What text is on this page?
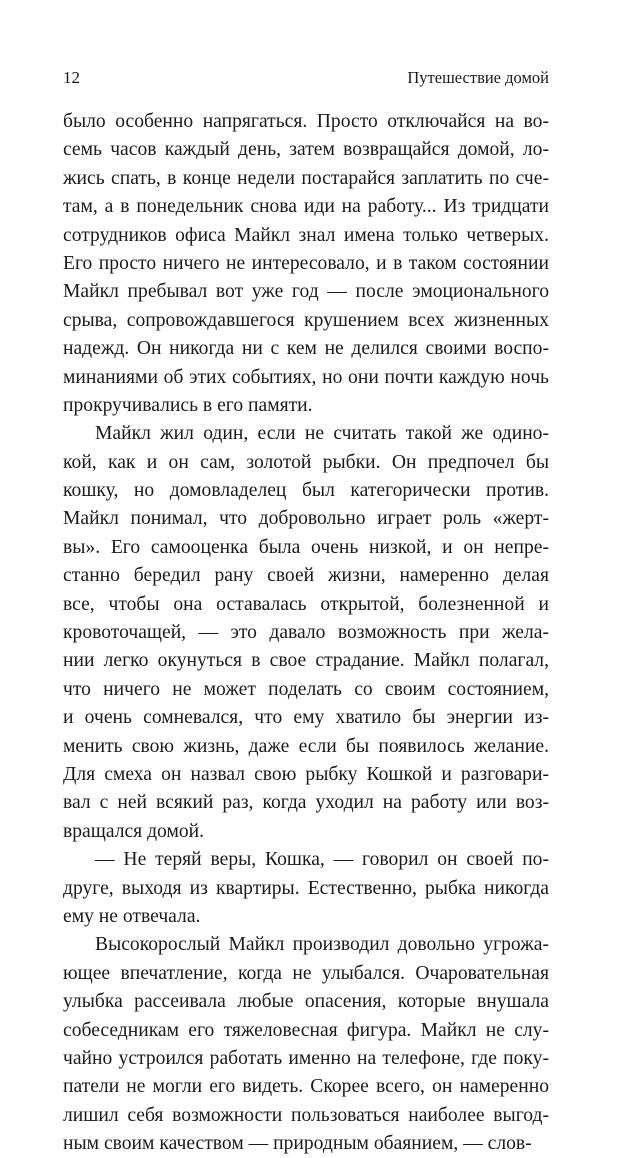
12	Путешествие домой
было особенно напрягаться. Просто отключайся на во-
семь часов каждый день, затем возвращайся домой, ло-
жись спать, в конце недели постарайся заплатить по сче-
там, а в понедельник снова иди на работу... Из тридцати
сотрудников офиса Майкл знал имена только четверых.
Его просто ничего не интересовало, и в таком состоянии
Майкл пребывал вот уже год — после эмоционального
срыва, сопровождавшегося крушением всех жизненных
надежд. Он никогда ни с кем не делился своими воспо-
минаниями об этих событиях, но они почти каждую ночь
прокручивались в его памяти.
Майкл жил один, если не считать такой же одино-
кой, как и он сам, золотой рыбки. Он предпочел бы
кошку, но домовладелец был категорически против.
Майкл понимал, что добровольно играет роль «жерт-
вы». Его самооценка была очень низкой, и он непре-
станно бередил рану своей жизни, намеренно делая
все, чтобы она оставалась открытой, болезненной и
кровоточащей, — это давало возможность при жела-
нии легко окунуться в свое страдание. Майкл полагал,
что ничего не может поделать со своим состоянием,
и очень сомневался, что ему хватило бы энергии из-
менить свою жизнь, даже если бы появилось желание.
Для смеха он назвал свою рыбку Кошкой и разговари-
вал с ней всякий раз, когда уходил на работу или воз-
вращался домой.
— Не теряй веры, Кошка, — говорил он своей по-
друге, выходя из квартиры. Естественно, рыбка никогда
ему не отвечала.
Высокорослый Майкл производил довольно угрожа-
ющее впечатление, когда не улыбался. Очаровательная
улыбка рассеивала любые опасения, которые внушала
собеседникам его тяжеловесная фигура. Майкл не слу-
чайно устроился работать именно на телефоне, где поку-
патели не могли его видеть. Скорее всего, он намеренно
лишил себя возможности пользоваться наиболее выгод-
ным своим качеством — природным обаянием, — слов-
